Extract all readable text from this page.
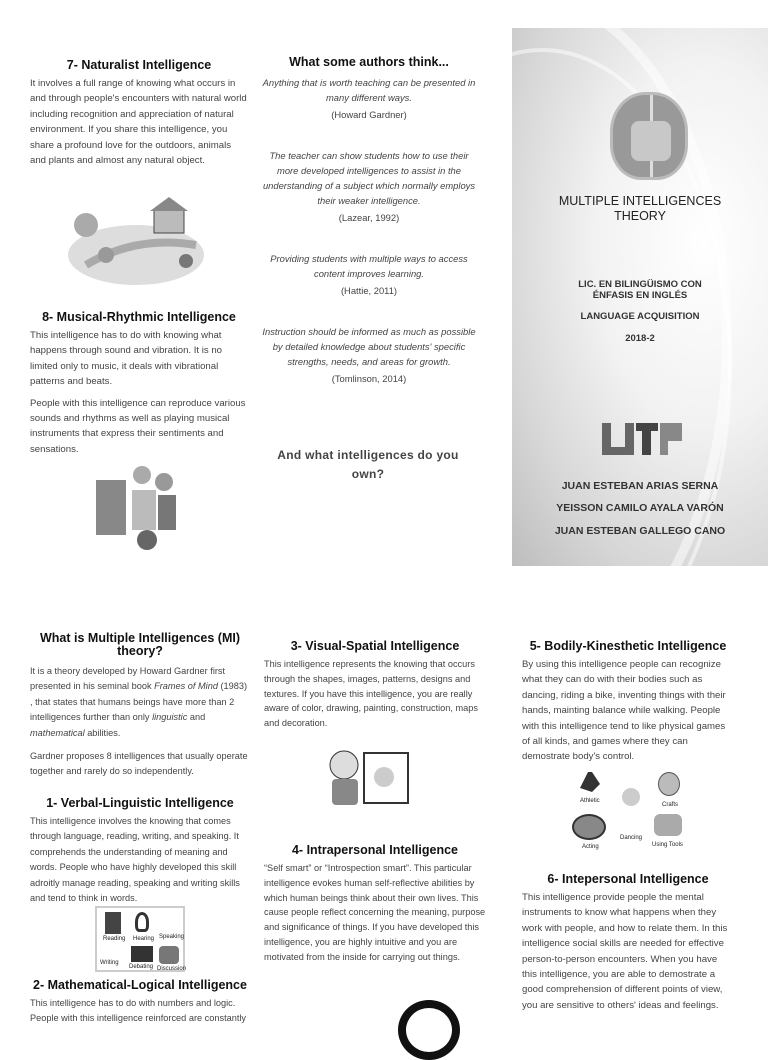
7- Naturalist Intelligence

It involves a full range of knowing what occurs in and through people's encounters with natural world including recognition and appreciation of natural environment. If you share this intelligence, you share a profound love for the outdoors, animals and plants and almost any natural object.

8- Musical-Rhythmic Intelligence

This intelligence has to do with knowing what happens through sound and vibration. It is no limited only to music, it deals with vibrational patterns and beats.

People with this intelligence can reproduce various sounds and rhythms as well as playing musical instruments that express their sentiments and sensations.

What some authors think...
Anything that is worth teaching can be presented in many different ways.
(Howard Gardner)
The teacher can show students how to use their more developed intelligences to assist in the understanding of a subject which normally employs their weaker intelligence.
(Lazear, 1992)
Providing students with multiple ways to access content improves learning.
(Hattie, 2011)
Instruction should be informed as much as possible by detailed knowledge about students' specific strengths, needs, and areas for growth.
(Tomlinson, 2014)
And what intelligences do you own?
MULTIPLE INTELLIGENCES
THEORY
LIC. EN BILINGÜISMO CON
ÉNFASIS EN INGLÉS
LANGUAGE ACQUISITION
2018-2
JUAN ESTEBAN ARIAS SERNA
YEISSON CAMILO AYALA VARÓN
JUAN ESTEBAN GALLEGO CANO
What is Multiple Intelligences (MI) theory?

It is a theory developed by Howard Gardner first presented in his seminal book Frames of Mind (1983) , that states that humans beings have more than 2 intelligences further than only linguistic and mathematical abilities.

Gardner proposes 8 intelligences that usually operate together and rarely do so independently.

1- Verbal-Linguistic Intelligence

This intelligence involves the knowing that comes through language, reading, writing, and speaking. It comprehends the understanding of meaning and words. People who have highly developed this skill adroitly manage reading, speaking and writing skills and tend to think in words.

Reading Hearing Speaking
Writing
Debating Discussion
2- Mathematical-Logical Intelligence

This intelligence has to do with numbers and logic. People with this intelligence reinforced are constantly

3- Visual-Spatial Intelligence

This intelligence represents the knowing that occurs through the shapes, images, patterns, designs and textures. If you have this intelligence, you are really aware of color, drawing, painting, construction, maps and decoration.

4- Intrapersonal Intelligence

“Self smart” or “Introspection smart”. This particular intelligence evokes human self-reflective abilities by which human beings think about their own lives. This cause people reflect concerning the meaning, purpose and significance of things. If you have developed this intelligence, you are highly intuitive and you are motivated from the inside for carrying out things.

5- Bodily-Kinesthetic Intelligence

By using this intelligence people can recognize what they can do with their bodies such as dancing, riding a bike, inventing things with their hands, mainting balance while walking. People with this intelligence tend to like physical games of all kinds, and games where they can demostrate body's control.

Athletic
Crafts
Dancing
Acting	Using Tools
6- Intepersonal Intelligence

This intelligence provide people the mental instruments to know what happens when they work with people, and how to relate them. In this intelligence social skills are needed for effective person-to-person encounters. When you have this intelligence, you are able to demostrate a good comprehension of different points of view, you are sensitive to others' ideas and feelings.
